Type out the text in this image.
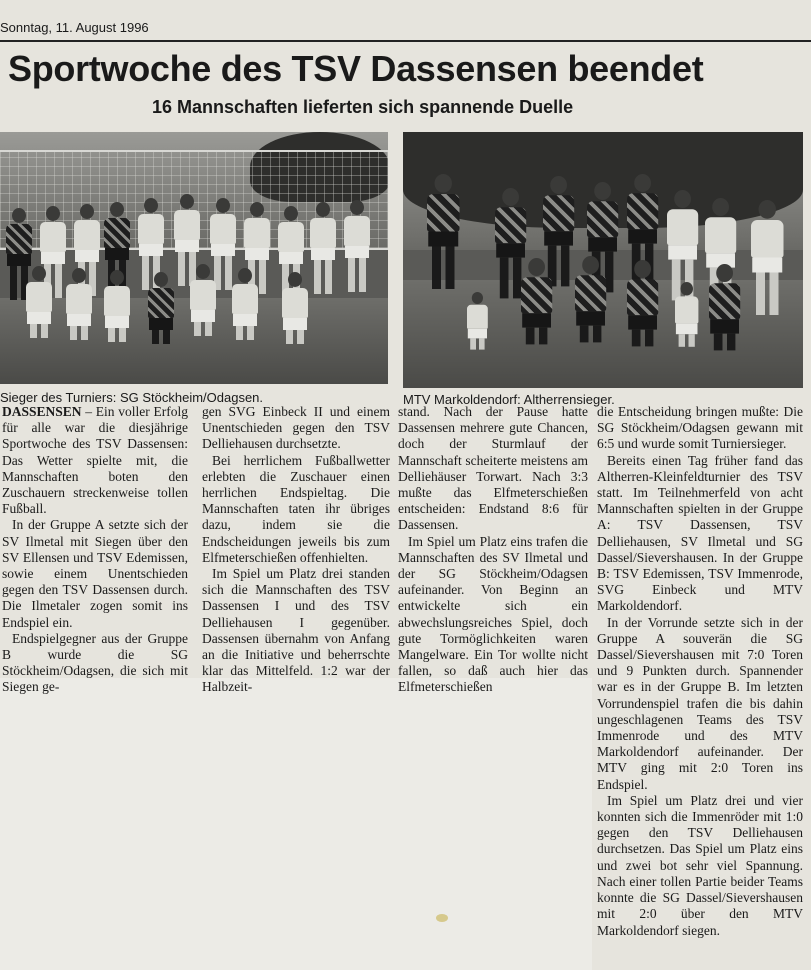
Sonntag, 11. August 1996
Sportwoche des TSV Dassensen beendet
16 Mannschaften lieferten sich spannende Duelle
Sieger des Turniers: SG Stöckheim/Odagsen.	MTV Markoldendorf: Altherrensieger.

DASSENSEN – Ein voller Erfolg für alle war die diesjährige Sportwoche des TSV Dassensen: Das Wetter spielte mit, die Mannschaften boten den Zuschauern streckenweise tollen Fußball.

In der Gruppe A setzte sich der SV Ilmetal mit Siegen über den SV Ellensen und TSV Edemissen, sowie einem Unentschieden gegen den TSV Dassensen durch. Die Ilmetaler zogen somit ins Endspiel ein.

Endspielgegner aus der Gruppe B wurde die SG Stöckheim/Odagsen, die sich mit Siegen ge-

gen SVG Einbeck II und einem Unentschieden gegen den TSV Delliehausen durchsetzte.

Bei herrlichem Fußballwetter erlebten die Zuschauer einen herrlichen Endspieltag. Die Mannschaften taten ihr übriges dazu, indem sie die Endscheidungen jeweils bis zum Elfmeterschießen offenhielten.

Im Spiel um Platz drei standen sich die Mannschaften des TSV Dassensen I und des TSV Delliehausen I gegenüber. Dassensen übernahm von Anfang an die Initiative und beherrschte klar das Mittelfeld. 1:2 war der Halbzeit-

stand. Nach der Pause hatte Dassensen mehrere gute Chancen, doch der Sturmlauf der Mannschaft scheiterte meistens am Delliehäuser Torwart. Nach 3:3 mußte das Elfmeterschießen entscheiden: Endstand 8:6 für Dassensen.

Im Spiel um Platz eins trafen die Mannschaften des SV Ilmetal und der SG Stöckheim/Odagsen aufeinander. Von Beginn an entwickelte sich ein abwechslungsreiches Spiel, doch gute Tormöglichkeiten waren Mangelware. Ein Tor wollte nicht fallen, so daß auch hier das Elfmeterschießen

die Entscheidung bringen mußte: Die SG Stöckheim/Odagsen gewann mit 6:5 und wurde somit Turniersieger.

Bereits einen Tag früher fand das Altherren-Kleinfeldturnier des TSV statt. Im Teilnehmerfeld von acht Mannschaften spielten in der Gruppe A: TSV Dassensen, TSV Delliehausen, SV Ilmetal und SG Dassel/Sievershausen. In der Gruppe B: TSV Edemissen, TSV Immenrode, SVG Einbeck und MTV Markoldendorf.

In der Vorrunde setzte sich in der Gruppe A souverän die SG Dassel/Sievershausen mit 7:0 Toren und 9 Punkten durch. Spannender war es in der Gruppe B. Im letzten Vorrundenspiel trafen die bis dahin ungeschlagenen Teams des TSV Immenrode und des MTV Markoldendorf aufeinander. Der MTV ging mit 2:0 Toren ins Endspiel.

Im Spiel um Platz drei und vier konnten sich die Immenröder mit 1:0 gegen den TSV Delliehausen durchsetzen. Das Spiel um Platz eins und zwei bot sehr viel Spannung. Nach einer tollen Partie beider Teams konnte die SG Dassel/Sievershausen mit 2:0 über den MTV Markoldendorf siegen.
